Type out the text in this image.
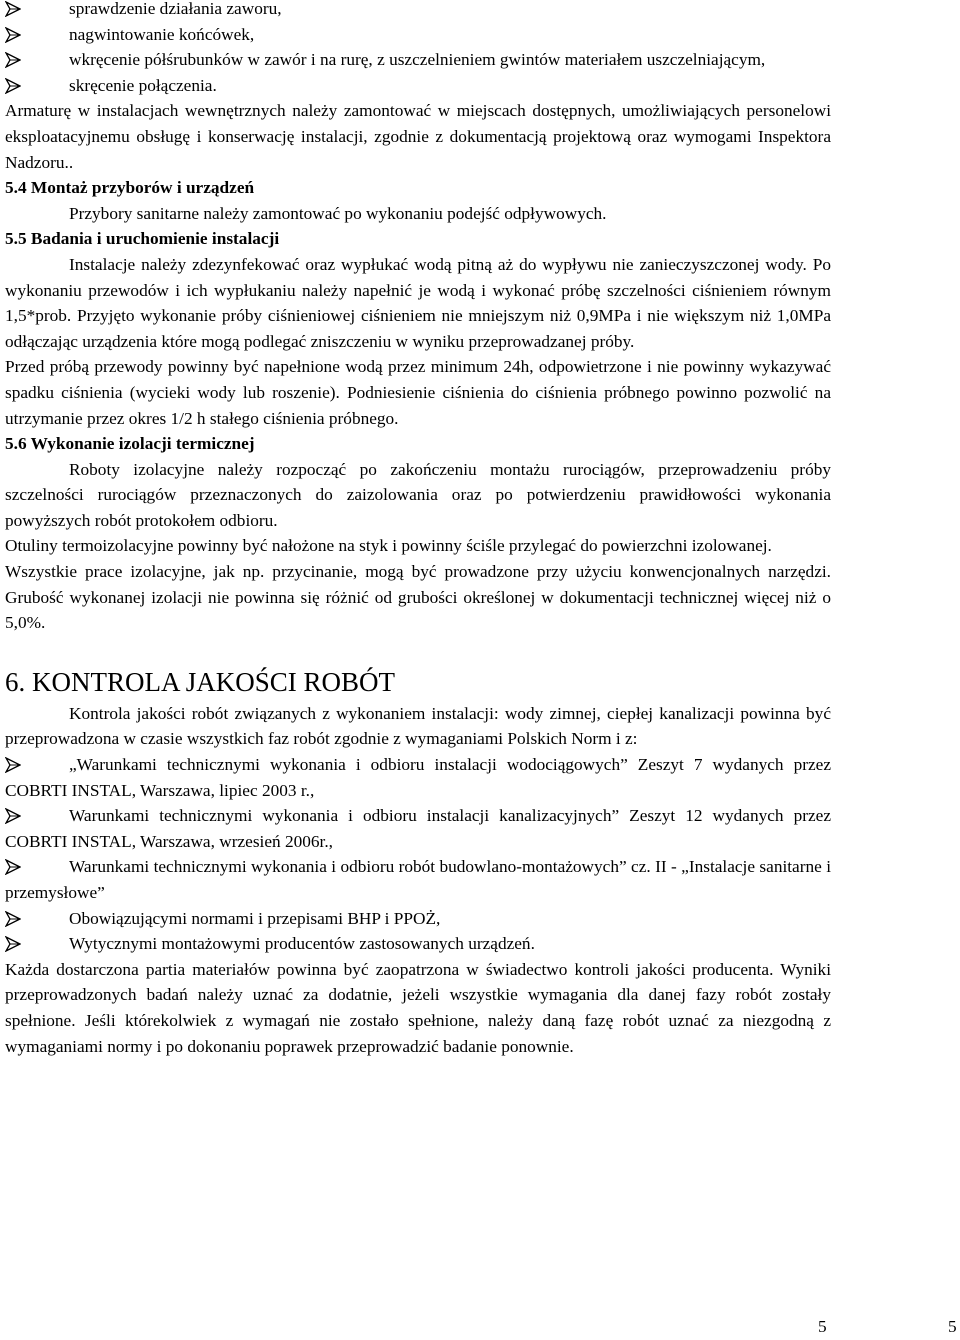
sprawdzenie działania zaworu,

nagwintowanie końcówek,

wkręcenie półśrubunków w zawór i na rurę, z uszczelnieniem gwintów materiałem uszczelniającym,

skręcenie połączenia.

Armaturę w instalacjach wewnętrznych należy zamontować w miejscach dostępnych, umożliwiających personelowi eksploatacyjnemu obsługę i konserwację instalacji, zgodnie z dokumentacją projektową oraz wymogami Inspektora Nadzoru..

5.4 Montaż przyborów i urządzeń

Przybory sanitarne należy zamontować po wykonaniu podejść odpływowych.

5.5 Badania i uruchomienie instalacji

Instalacje należy zdezynfekować oraz wypłukać wodą pitną aż do wypływu nie zanieczyszczonej wody. Po wykonaniu przewodów i ich wypłukaniu należy napełnić je wodą i wykonać próbę szczelności ciśnieniem równym 1,5*prob. Przyjęto wykonanie próby ciśnieniowej ciśnieniem nie mniejszym niż 0,9MPa i nie większym niż 1,0MPa odłączając urządzenia które mogą podlegać zniszczeniu w wyniku przeprowadzanej próby.

Przed próbą przewody powinny być napełnione wodą przez minimum 24h, odpowietrzone i nie powinny wykazywać spadku ciśnienia (wycieki wody lub roszenie). Podniesienie ciśnienia do ciśnienia próbnego powinno pozwolić na utrzymanie przez okres 1/2 h stałego ciśnienia próbnego.

5.6 Wykonanie izolacji termicznej

Roboty izolacyjne należy rozpocząć po zakończeniu montażu rurociągów, przeprowadzeniu próby szczelności rurociągów przeznaczonych do zaizolowania oraz po potwierdzeniu prawidłowości wykonania powyższych robót protokołem odbioru.

Otuliny termoizolacyjne powinny być nałożone na styk i powinny ściśle przylegać do powierzchni izolowanej.

Wszystkie prace izolacyjne, jak np. przycinanie, mogą być prowadzone przy użyciu konwencjonalnych narzędzi. Grubość wykonanej izolacji nie powinna się różnić od grubości określonej w dokumentacji technicznej więcej niż o 5,0%.

6. KONTROLA JAKOŚCI ROBÓT

Kontrola jakości robót związanych z wykonaniem instalacji: wody zimnej, ciepłej kanalizacji powinna być przeprowadzona w czasie wszystkich faz robót zgodnie z wymaganiami Polskich Norm i z:

„Warunkami technicznymi wykonania i odbioru instalacji wodociągowych” Zeszyt 7 wydanych przez COBRTI INSTAL, Warszawa, lipiec 2003 r.,

Warunkami technicznymi wykonania i odbioru instalacji kanalizacyjnych” Zeszyt 12 wydanych przez COBRTI INSTAL, Warszawa, wrzesień 2006r.,

Warunkami technicznymi wykonania i odbioru robót budowlano-montażowych” cz. II - „Instalacje sanitarne i przemysłowe”

Obowiązującymi normami i przepisami BHP i PPOŻ,

Wytycznymi montażowymi producentów zastosowanych urządzeń.

Każda dostarczona partia materiałów powinna być zaopatrzona w świadectwo kontroli jakości producenta. Wyniki przeprowadzonych badań należy uznać za dodatnie, jeżeli wszystkie wymagania dla danej fazy robót zostały spełnione. Jeśli którekolwiek z wymagań nie zostało spełnione, należy daną fazę robót uznać za niezgodną z wymaganiami normy i po dokonaniu poprawek przeprowadzić badanie ponownie.

5	5
